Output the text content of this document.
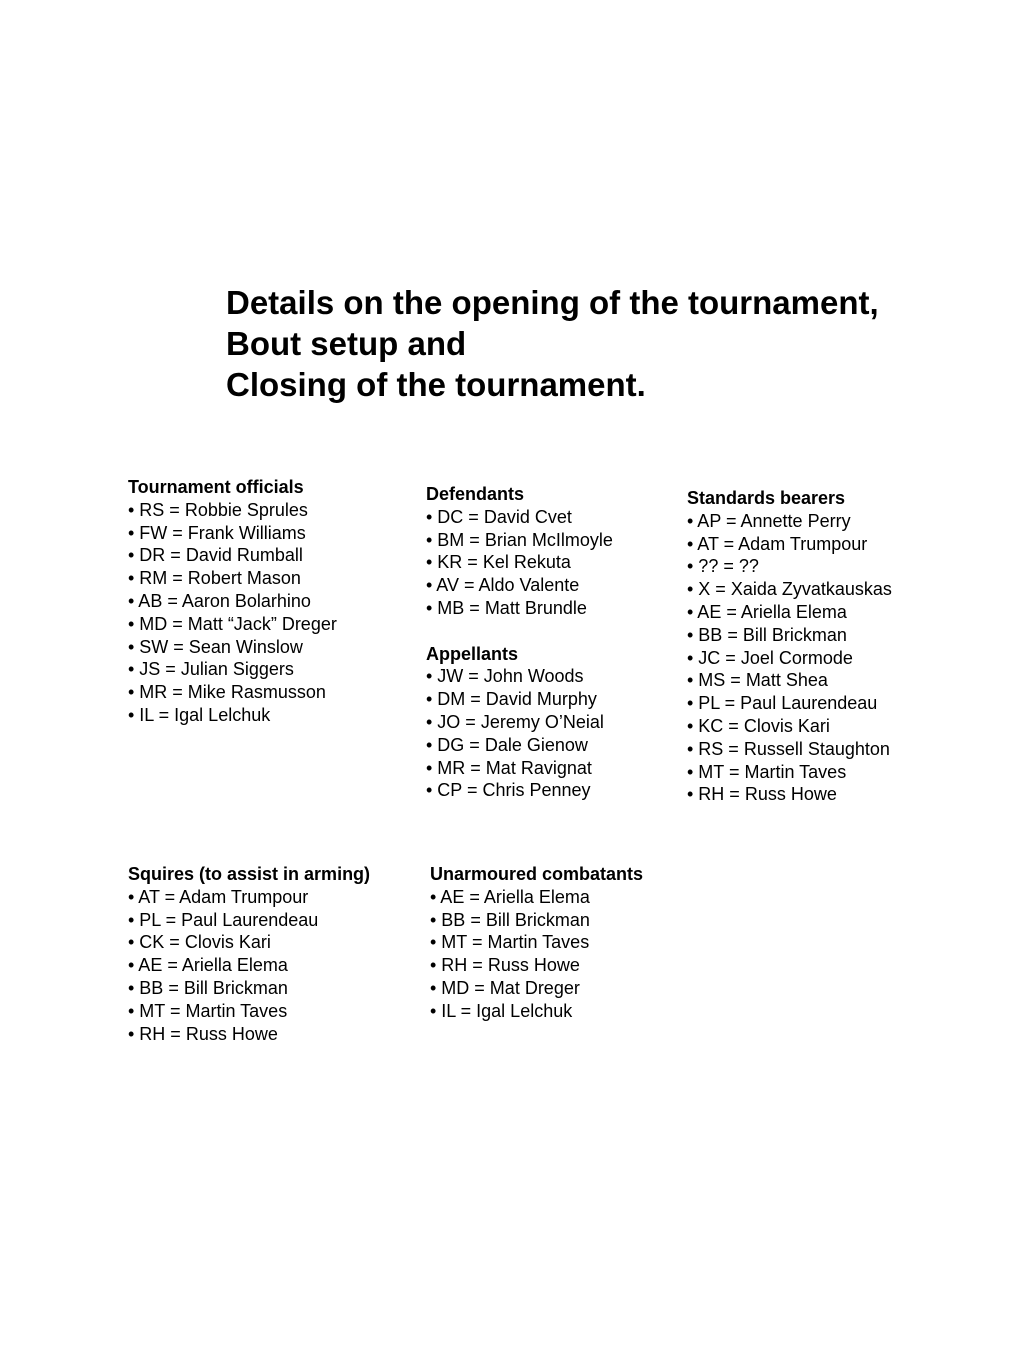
Details on the opening of the tournament,
Bout setup and
Closing of the tournament.
Tournament officials
• RS = Robbie Sprules
• FW = Frank Williams
• DR = David Rumball
• RM = Robert Mason
• AB = Aaron Bolarhino
• MD = Matt “Jack” Dreger
• SW = Sean Winslow
• JS = Julian Siggers
• MR = Mike Rasmusson
• IL = Igal Lelchuk
Defendants
• DC = David Cvet
• BM = Brian McIlmoyle
• KR = Kel Rekuta
• AV = Aldo Valente
• MB = Matt Brundle
Appellants
• JW = John Woods
• DM = David Murphy
• JO = Jeremy O’Neial
• DG = Dale Gienow
• MR = Mat Ravignat
• CP = Chris Penney
Standards bearers
• AP = Annette Perry
• AT = Adam Trumpour
• ?? = ??
• X = Xaida Zyvatkauskas
• AE = Ariella Elema
• BB = Bill Brickman
• JC = Joel Cormode
• MS = Matt Shea
• PL = Paul Laurendeau
• KC = Clovis Kari
• RS = Russell Staughton
• MT = Martin Taves
• RH = Russ Howe
Squires (to assist in arming)
• AT = Adam Trumpour
• PL = Paul Laurendeau
• CK = Clovis Kari
• AE = Ariella Elema
• BB = Bill Brickman
• MT = Martin Taves
• RH = Russ Howe
Unarmoured combatants
• AE = Ariella Elema
• BB = Bill Brickman
• MT = Martin Taves
• RH = Russ Howe
• MD = Mat Dreger
• IL = Igal Lelchuk
